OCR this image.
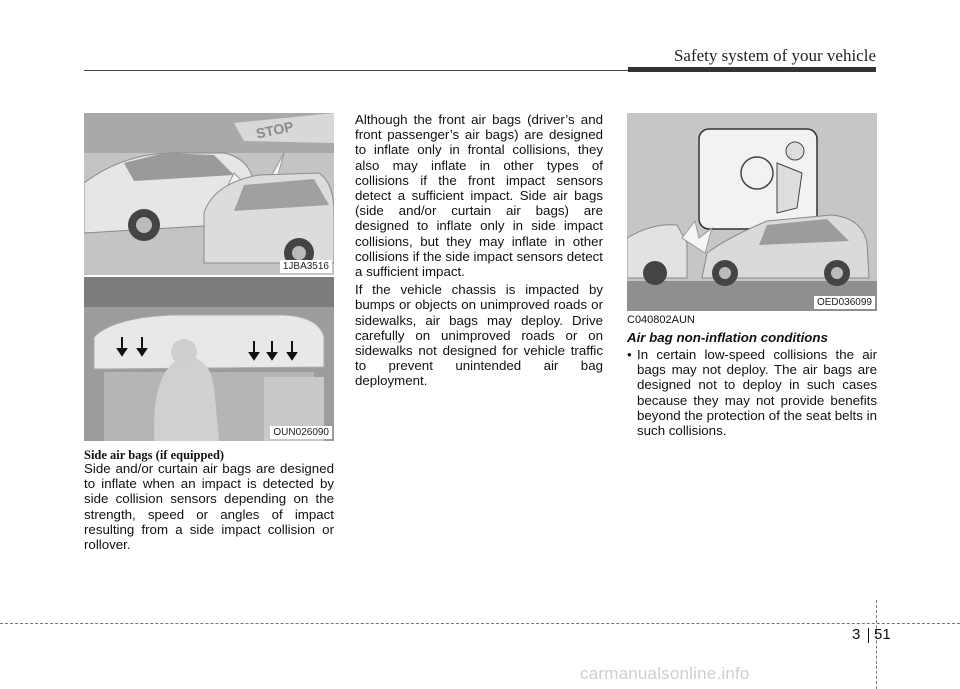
Safety system of your vehicle
STOP
1JBA3516
OUN026090
OED036099
Side air bags (if equipped)

Side and/or curtain air bags are designed to inflate when an impact is detected by side collision sensors depending on the strength, speed or angles of impact resulting from a side impact collision or rollover.

Although the front air bags (driver’s and front passenger’s air bags) are designed to inflate only in frontal collisions, they also may inflate in other types of collisions if the front impact sensors detect a sufficient impact. Side air bags (side and/or curtain air bags) are designed to inflate only in side impact collisions, but they may inflate in other collisions if the side impact sensors detect a sufficient impact.

If the vehicle chassis is impacted by bumps or objects on unimproved roads or sidewalks, air bags may deploy. Drive carefully on unimproved roads or on sidewalks not designed for vehicle traffic to prevent unintended air bag deployment.

C040802AUN
Air bag non-inflation conditions
• In certain low-speed collisions the air bags may not deploy. The air bags are designed not to deploy in such cases because they may not provide benefits beyond the protection of the seat belts in such collisions.
3 51
carmanualsonline.info
